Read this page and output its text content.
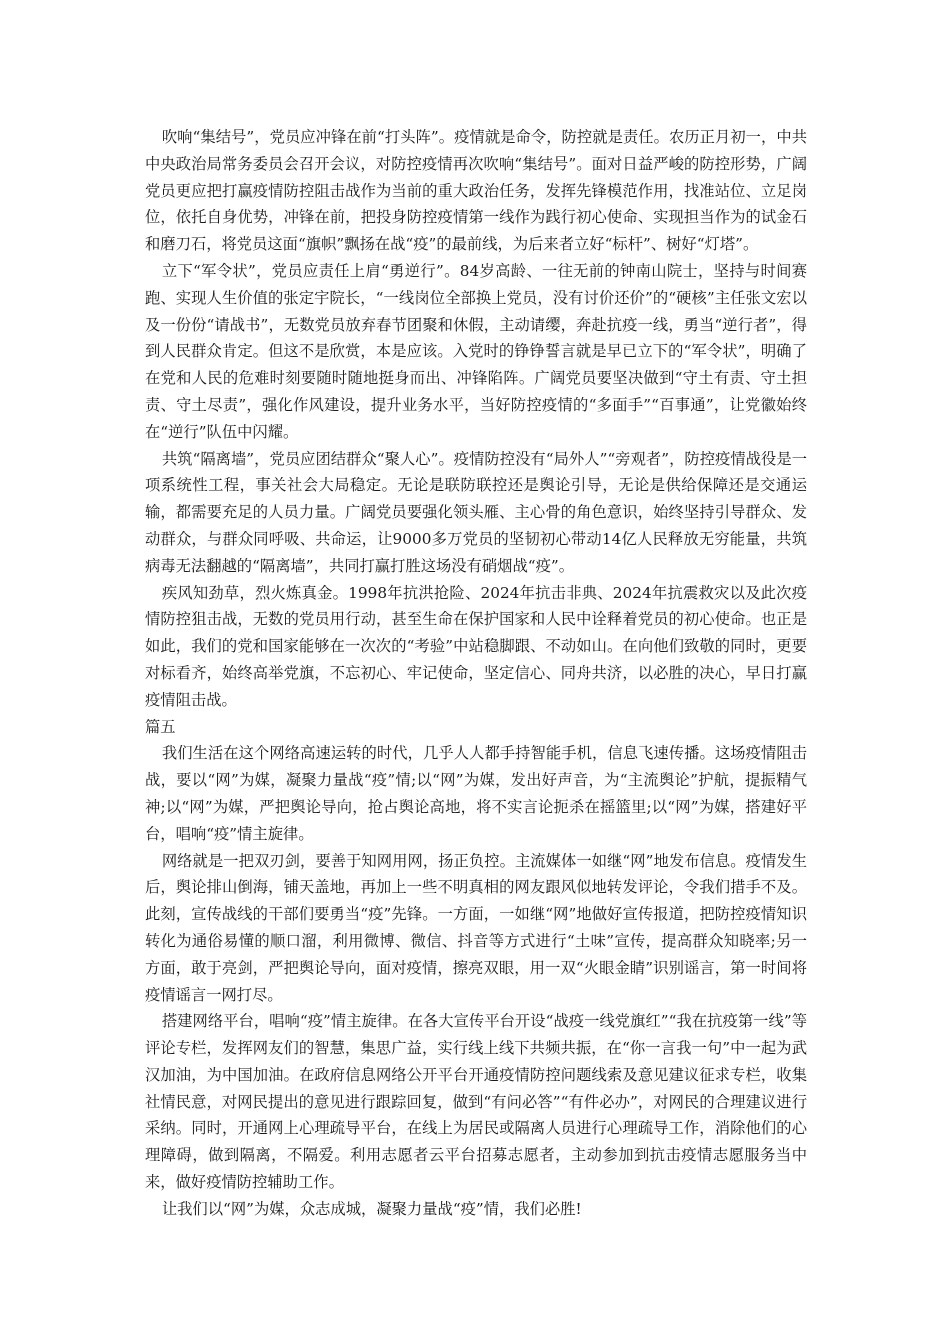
吹响“集结号”，党员应冲锋在前“打头阵”。疫情就是命令，防控就是责任。农历正月初一，中共中央政治局常务委员会召开会议，对防控疫情再次吹响“集结号”。面对日益严峻的防控形势，广阔党员更应把打赢疫情防控阻击战作为当前的重大政治任务，发挥先锋模范作用，找准站位、立足岗位，依托自身优势，冲锋在前，把投身防控疫情第一线作为践行初心使命、实现担当作为的试金石和磨刀石，将党员这面“旗帜”飘扬在战“疫”的最前线，为后来者立好“标杆”、树好“灯塔”。

立下“军令状”，党员应责任上肩“勇逆行”。84岁高龄、一往无前的钟南山院士，坚持与时间赛跑、实现人生价值的张定宇院长，“一线岗位全部换上党员，没有讨价还价”的“硬核”主任张文宏以及一份份“请战书”，无数党员放弃春节团聚和休假，主动请缨，奔赴抗疫一线，勇当“逆行者”，得到人民群众肯定。但这不是欣赏，本是应该。入党时的铮铮誓言就是早已立下的“军令状”，明确了在党和人民的危难时刻要随时随地挺身而出、冲锋陷阵。广阔党员要坚决做到“守土有责、守土担责、守土尽责”，强化作风建设，提升业务水平，当好防控疫情的“多面手”“百事通”，让党徽始终在“逆行”队伍中闪耀。

共筑“隔离墙”，党员应团结群众“聚人心”。疫情防控没有“局外人”“旁观者”，防控疫情战役是一项系统性工程，事关社会大局稳定。无论是联防联控还是舆论引导，无论是供给保障还是交通运输，都需要充足的人员力量。广阔党员要强化领头雁、主心骨的角色意识，始终坚持引导群众、发动群众，与群众同呼吸、共命运，让9000多万党员的坚韧初心带动14亿人民释放无穷能量，共筑病毒无法翻越的“隔离墙”，共同打赢打胜这场没有硝烟战“疫”。

疾风知劲草，烈火炼真金。1998年抗洪抢险、2024年抗击非典、2024年抗震救灾以及此次疫情防控狙击战，无数的党员用行动，甚至生命在保护国家和人民中诠释着党员的初心使命。也正是如此，我们的党和国家能够在一次次的“考验”中站稳脚跟、不动如山。在向他们致敬的同时，更要对标看齐，始终高举党旗，不忘初心、牢记使命，坚定信心、同舟共济，以必胜的决心，早日打赢疫情阻击战。

篇五

我们生活在这个网络高速运转的时代，几乎人人都手持智能手机，信息飞速传播。这场疫情阻击战，要以“网”为媒，凝聚力量战“疫”情;以“网”为媒，发出好声音，为“主流舆论”护航，提振精气神;以“网”为媒，严把舆论导向，抢占舆论高地，将不实言论扼杀在摇篮里;以“网”为媒，搭建好平台，唱响“疫”情主旋律。

网络就是一把双刃剑，要善于知网用网，扬正负控。主流媒体一如继“网”地发布信息。疫情发生后，舆论排山倒海，铺天盖地，再加上一些不明真相的网友跟风似地转发评论，令我们措手不及。此刻，宣传战线的干部们要勇当“疫”先锋。一方面，一如继“网”地做好宣传报道，把防控疫情知识转化为通俗易懂的顺口溜，利用微博、微信、抖音等方式进行“土味”宣传，提高群众知晓率;另一方面，敢于亮剑，严把舆论导向，面对疫情，擦亮双眼，用一双“火眼金睛”识别谣言，第一时间将疫情谣言一网打尽。

搭建网络平台，唱响“疫”情主旋律。在各大宣传平台开设“战疫一线党旗红”“我在抗疫第一线”等评论专栏，发挥网友们的智慧，集思广益，实行线上线下共频共振，在“你一言我一句”中一起为武汉加油，为中国加油。在政府信息网络公开平台开通疫情防控问题线索及意见建议征求专栏，收集社情民意，对网民提出的意见进行跟踪回复，做到“有问必答”“有件必办”，对网民的合理建议进行采纳。同时，开通网上心理疏导平台，在线上为居民或隔离人员进行心理疏导工作，消除他们的心理障碍，做到隔离，不隔爱。利用志愿者云平台招募志愿者，主动参加到抗击疫情志愿服务当中来，做好疫情防控辅助工作。

让我们以“网”为媒，众志成城，凝聚力量战“疫”情，我们必胜!
